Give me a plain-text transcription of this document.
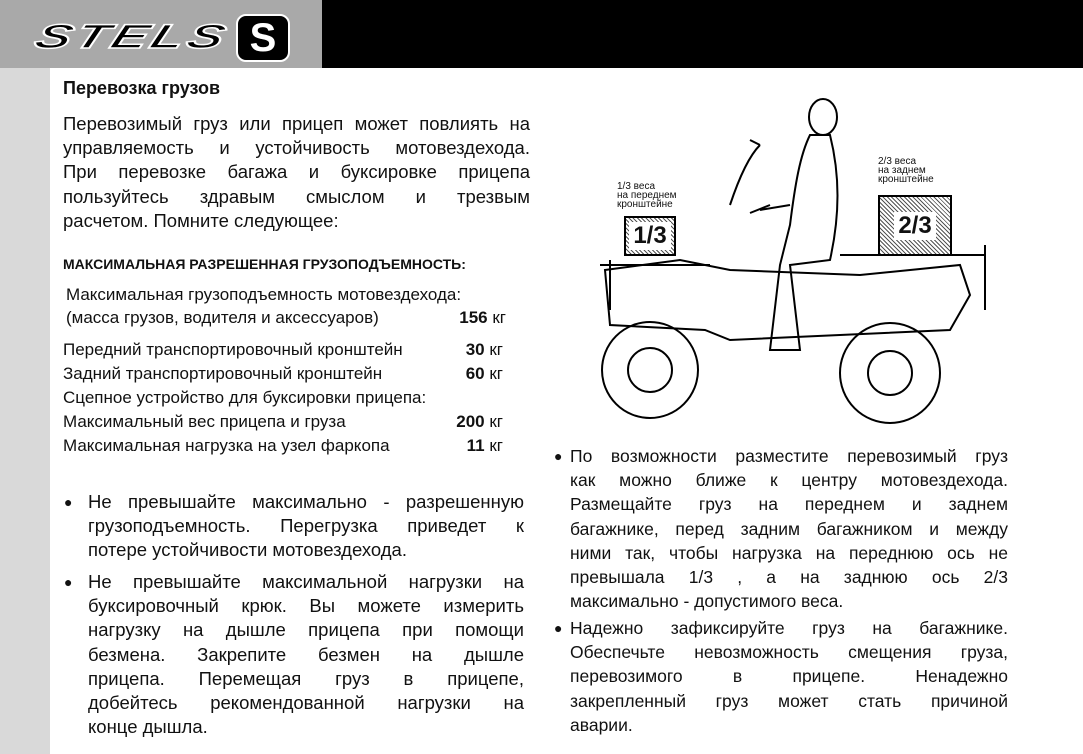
STELS S
Перевозка грузов
Перевозимый груз или прицеп может повлиять на
управляемость и устойчивость мотовездехода.
При перевозке багажа и буксировке прицепа
пользуйтесь здравым смыслом и трезвым
расчетом. Помните следующее:
МАКСИМАЛЬНАЯ РАЗРЕШЕННАЯ ГРУЗОПОДЪЕМНОСТЬ:
Максимальная грузоподъемность мотовездехода:
(масса грузов, водителя и аксессуаров)	156 кг
Передний транспортировочный кронштейн	30 кг
Задний транспортировочный кронштейн	60 кг
Сцепное устройство для буксировки прицепа:
Максимальный вес прицепа и груза	200 кг
Максимальная нагрузка на узел фаркопа	11 кг
Не превышайте максимально - разрешенную
●
грузоподъемность. Перегрузка приведет к
потере устойчивости мотовездехода.
Не превышайте максимальной нагрузки на
●
буксировочный крюк. Вы можете измерить
нагрузку на дышле прицепа при помощи
безмена. Закрепите безмен на дышле
прицепа. Перемещая груз в прицепе,
добейтесь рекомендованной нагрузки на
конце дышла.
1/3 веса
на переднем
кронштейне
2/3 веса
на заднем
кронштейне
1/3	2/3
По возможности разместите перевозимый груз
●
как можно ближе к центру мотовездехода.
Размещайте груз на переднем и заднем
багажнике, перед задним багажником и между
ними так, чтобы нагрузка на переднюю ось не
превышала 1/3 , а на заднюю ось 2/3
максимально - допустимого веса.
Надежно зафиксируйте груз на багажнике.
●
Обеспечьте невозможность смещения груза,
перевозимого в прицепе. Ненадежно
закрепленный груз может стать причиной
аварии.
